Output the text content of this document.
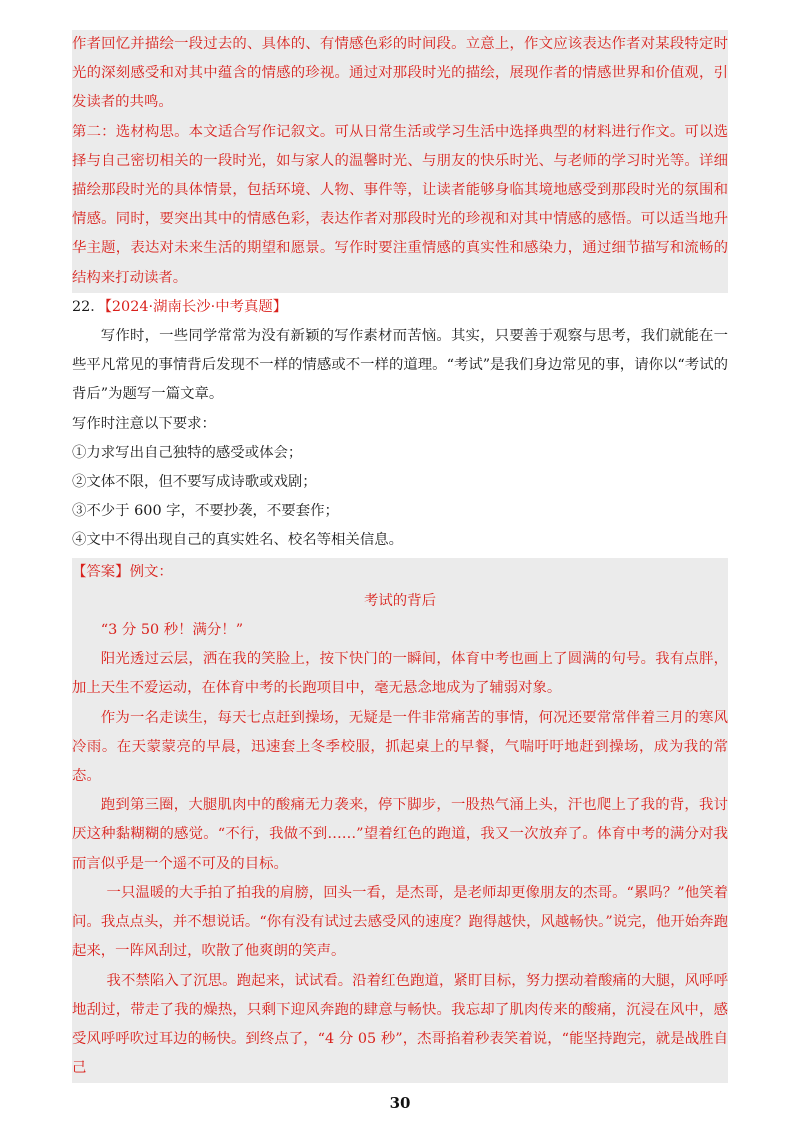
作者回忆并描绘一段过去的、具体的、有情感色彩的时间段。立意上，作文应该表达作者对某段特定时光的深刻感受和对其中蕴含的情感的珍视。通过对那段时光的描绘，展现作者的情感世界和价值观，引发读者的共鸣。

第二：选材构思。本文适合写作记叙文。可从日常生活或学习生活中选择典型的材料进行作文。可以选择与自己密切相关的一段时光，如与家人的温馨时光、与朋友的快乐时光、与老师的学习时光等。详细描绘那段时光的具体情景，包括环境、人物、事件等，让读者能够身临其境地感受到那段时光的氛围和情感。同时，要突出其中的情感色彩，表达作者对那段时光的珍视和对其中情感的感悟。可以适当地升华主题，表达对未来生活的期望和愿景。写作时要注重情感的真实性和感染力，通过细节描写和流畅的结构来打动读者。

22．【2024·湖南长沙·中考真题】

写作时，一些同学常常为没有新颖的写作素材而苦恼。其实，只要善于观察与思考，我们就能在一些平凡常见的事情背后发现不一样的情感或不一样的道理。“考试”是我们身边常见的事，请你以“考试的背后”为题写一篇文章。

写作时注意以下要求：

①力求写出自己独特的感受或体会；

②文体不限，但不要写成诗歌或戏剧；

③不少于 600 字，不要抄袭，不要套作；

④文中不得出现自己的真实姓名、校名等相关信息。

【答案】例文：

考试的背后

“3 分 50 秒！满分！”

阳光透过云层，洒在我的笑脸上，按下快门的一瞬间，体育中考也画上了圆满的句号。我有点胖，加上天生不爱运动，在体育中考的长跑项目中，毫无悬念地成为了辅弱对象。

作为一名走读生，每天七点赶到操场，无疑是一件非常痛苦的事情，何况还要常常伴着三月的寒风冷雨。在天蒙蒙亮的早晨，迅速套上冬季校服，抓起桌上的早餐，气喘吁吁地赶到操场，成为我的常态。

跑到第三圈，大腿肌肉中的酸痛无力袭来，停下脚步，一股热气涌上头，汗也爬上了我的背，我讨厌这种黏糊糊的感觉。“不行，我做不到……”望着红色的跑道，我又一次放弃了。体育中考的满分对我而言似乎是一个遥不可及的目标。

一只温暖的大手拍了拍我的肩膀，回头一看，是杰哥，是老师却更像朋友的杰哥。“累吗？”他笑着问。我点点头，并不想说话。“你有没有试过去感受风的速度？跑得越快，风越畅快。”说完，他开始奔跑起来，一阵风刮过，吹散了他爽朗的笑声。

我不禁陷入了沉思。跑起来，试试看。沿着红色跑道，紧盯目标，努力摆动着酸痛的大腿，风呼呼地刮过，带走了我的燥热，只剩下迎风奔跑的肆意与畅快。我忘却了肌肉传来的酸痛，沉浸在风中，感受风呼呼吹过耳边的畅快。到终点了，“4 分 05 秒”，杰哥掐着秒表笑着说，“能坚持跑完，就是战胜自己

30
